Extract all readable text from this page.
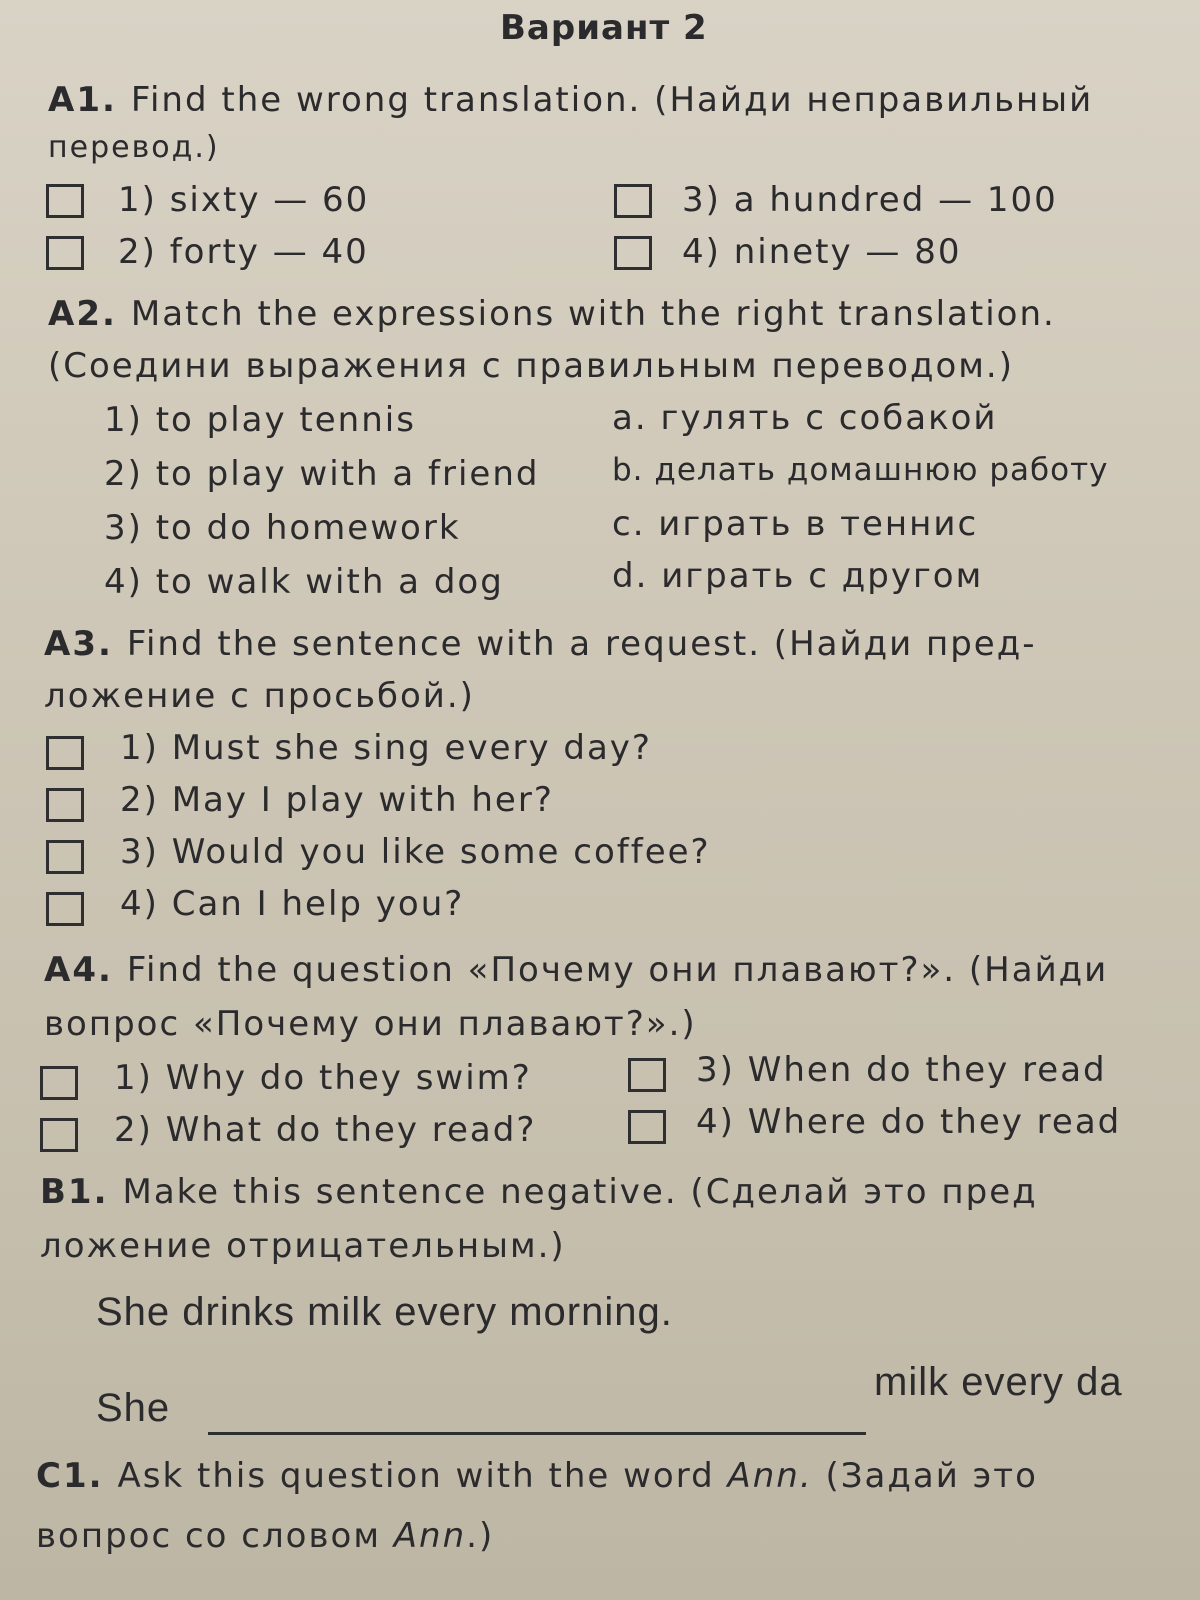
Вариант 2
А1. Find the wrong translation. (Найди неправильный
перевод.)
1) sixty — 60
2) forty — 40
3) a hundred — 100
4) ninety — 80
А2. Match the expressions with the right translation.
(Соедини выражения с правильным переводом.)
1) to play tennis
2) to play with a friend
3) to do homework
4) to walk with a dog
a. гулять с собакой
b. делать домашнюю работу
c. играть в теннис
d. играть с другом
А3. Find the sentence with a request. (Найди пред-
ложение с просьбой.)
1) Must she sing every day?
2) May I play with her?
3) Would you like some coffee?
4) Can I help you?
А4. Find the question «Почему они плавают?». (Найди
вопрос «Почему они плавают?».)
1) Why do they swim?
2) What do they read?
3) When do they read
4) Where do they read
В1. Make this sentence negative. (Сделай это пред
ложение отрицательным.)
She drinks milk every morning.
She
milk every da
С1. Ask this question with the word Ann. (Задай это
вопрос со словом Ann.)
